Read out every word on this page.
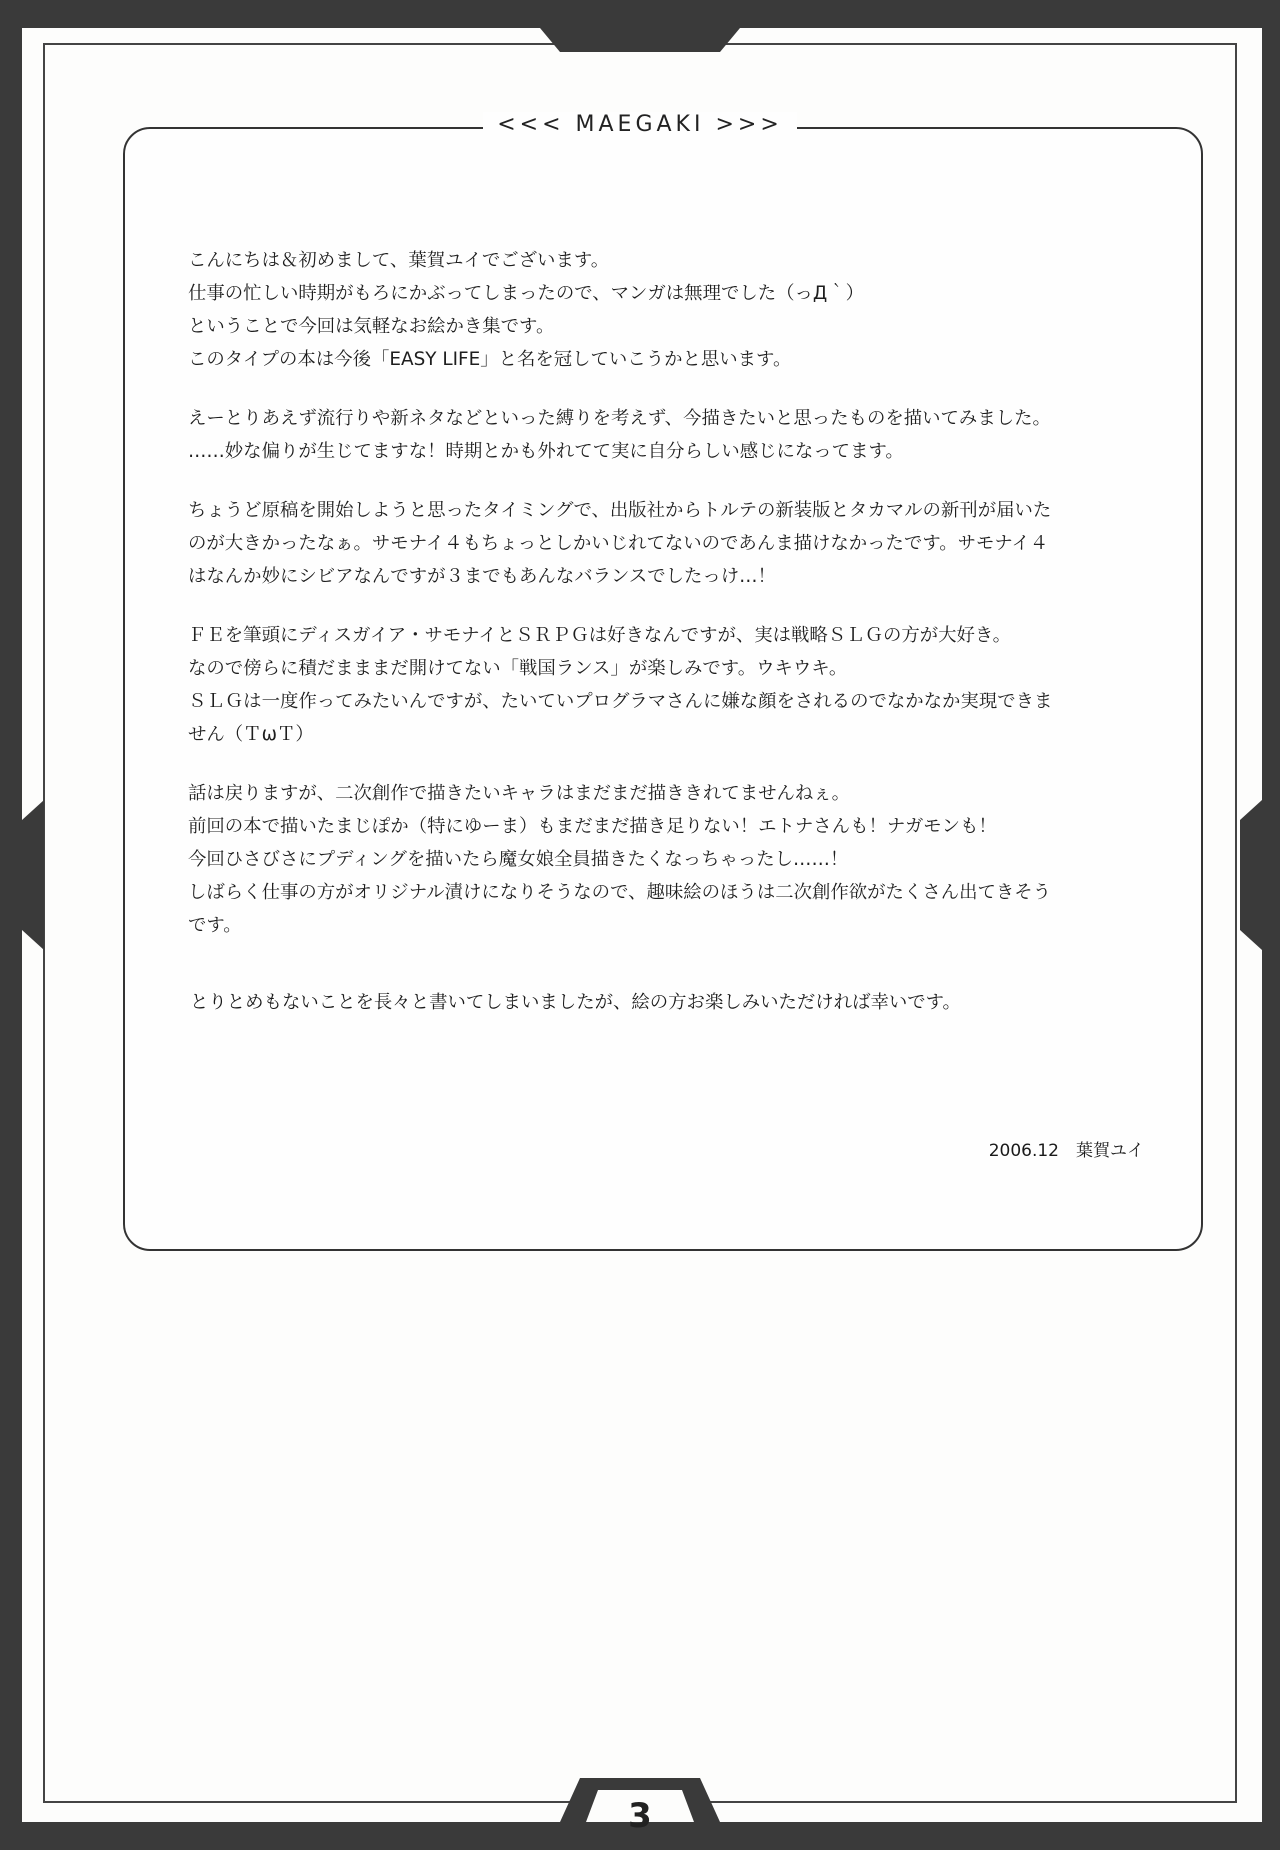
<<< MAEGAKI >>>
こんにちは＆初めまして、葉賀ユイでございます。
仕事の忙しい時期がもろにかぶってしまったので、マンガは無理でした（っД｀）
ということで今回は気軽なお絵かき集です。
このタイプの本は今後「EASY LIFE」と名を冠していこうかと思います。
えーとりあえず流行りや新ネタなどといった縛りを考えず、今描きたいと思ったものを描いてみました。
……妙な偏りが生じてますな！時期とかも外れてて実に自分らしい感じになってます。
ちょうど原稿を開始しようと思ったタイミングで、出版社からトルテの新装版とタカマルの新刊が届いた
のが大きかったなぁ。サモナイ４もちょっとしかいじれてないのであんま描けなかったです。サモナイ４
はなんか妙にシビアなんですが３までもあんなバランスでしたっけ…！
ＦＥを筆頭にディスガイア・サモナイとＳＲＰＧは好きなんですが、実は戦略ＳＬＧの方が大好き。
なので傍らに積だまままだ開けてない「戦国ランス」が楽しみです。ウキウキ。
ＳＬＧは一度作ってみたいんですが、たいていプログラマさんに嫌な顔をされるのでなかなか実現できま
せん（ＴωＴ）
話は戻りますが、二次創作で描きたいキャラはまだまだ描ききれてませんねぇ。
前回の本で描いたまじぽか（特にゆーま）もまだまだ描き足りない！エトナさんも！ナガモンも！
今回ひさびさにプディングを描いたら魔女娘全員描きたくなっちゃったし……！
しばらく仕事の方がオリジナル漬けになりそうなので、趣味絵のほうは二次創作欲がたくさん出てきそう
です。
とりとめもないことを長々と書いてしまいましたが、絵の方お楽しみいただければ幸いです。
2006.12　葉賀ユイ
3
